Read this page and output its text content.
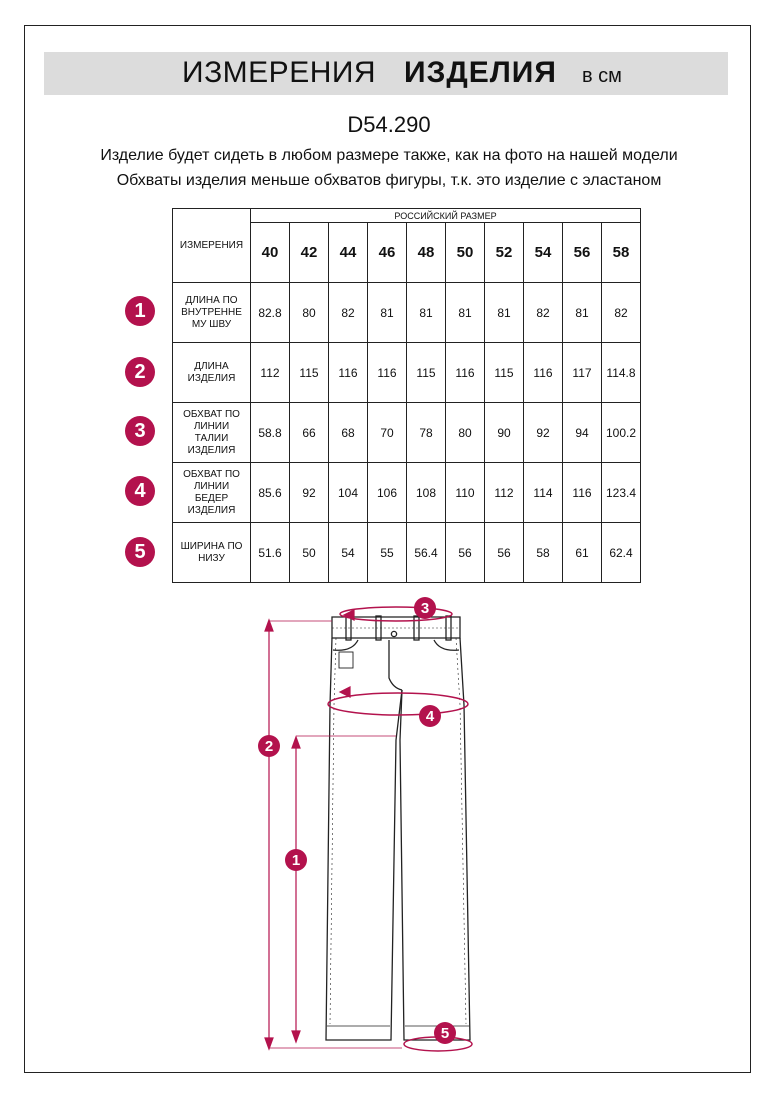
ИЗМЕРЕНИЯ ИЗДЕЛИЯ в см
D54.290
Изделие будет сидеть в любом размере также, как на фото на нашей модели
Обхваты изделия меньше обхватов фигуры, т.к. это изделие с эластаном
ИЗМЕРЕНИЯ	РОССИЙСКИЙ РАЗМЕР									
	40	42	44	46	48	50	52	54	56	58

ДЛИНА ПО
ВНУТРЕННЕ
МУ ШВУ	82.8	80	82	81	81	81	81	82	81	82

ДЛИНА
ИЗДЕЛИЯ	112	115	116	116	115	116	115	116	117	114.8

ОБХВАТ ПО
ЛИНИИ
ТАЛИИ
ИЗДЕЛИЯ	58.8	66	68	70	78	80	90	92	94	100.2

ОБХВАТ ПО
ЛИНИИ
БЕДЕР
ИЗДЕЛИЯ	85.6	92	104	106	108	110	112	114	116	123.4

ШИРИНА ПО
НИЗУ	51.6	50	54	55	56.4	56	56	58	61	62.4
1
2
3
4
5
3
4
2
1
5
